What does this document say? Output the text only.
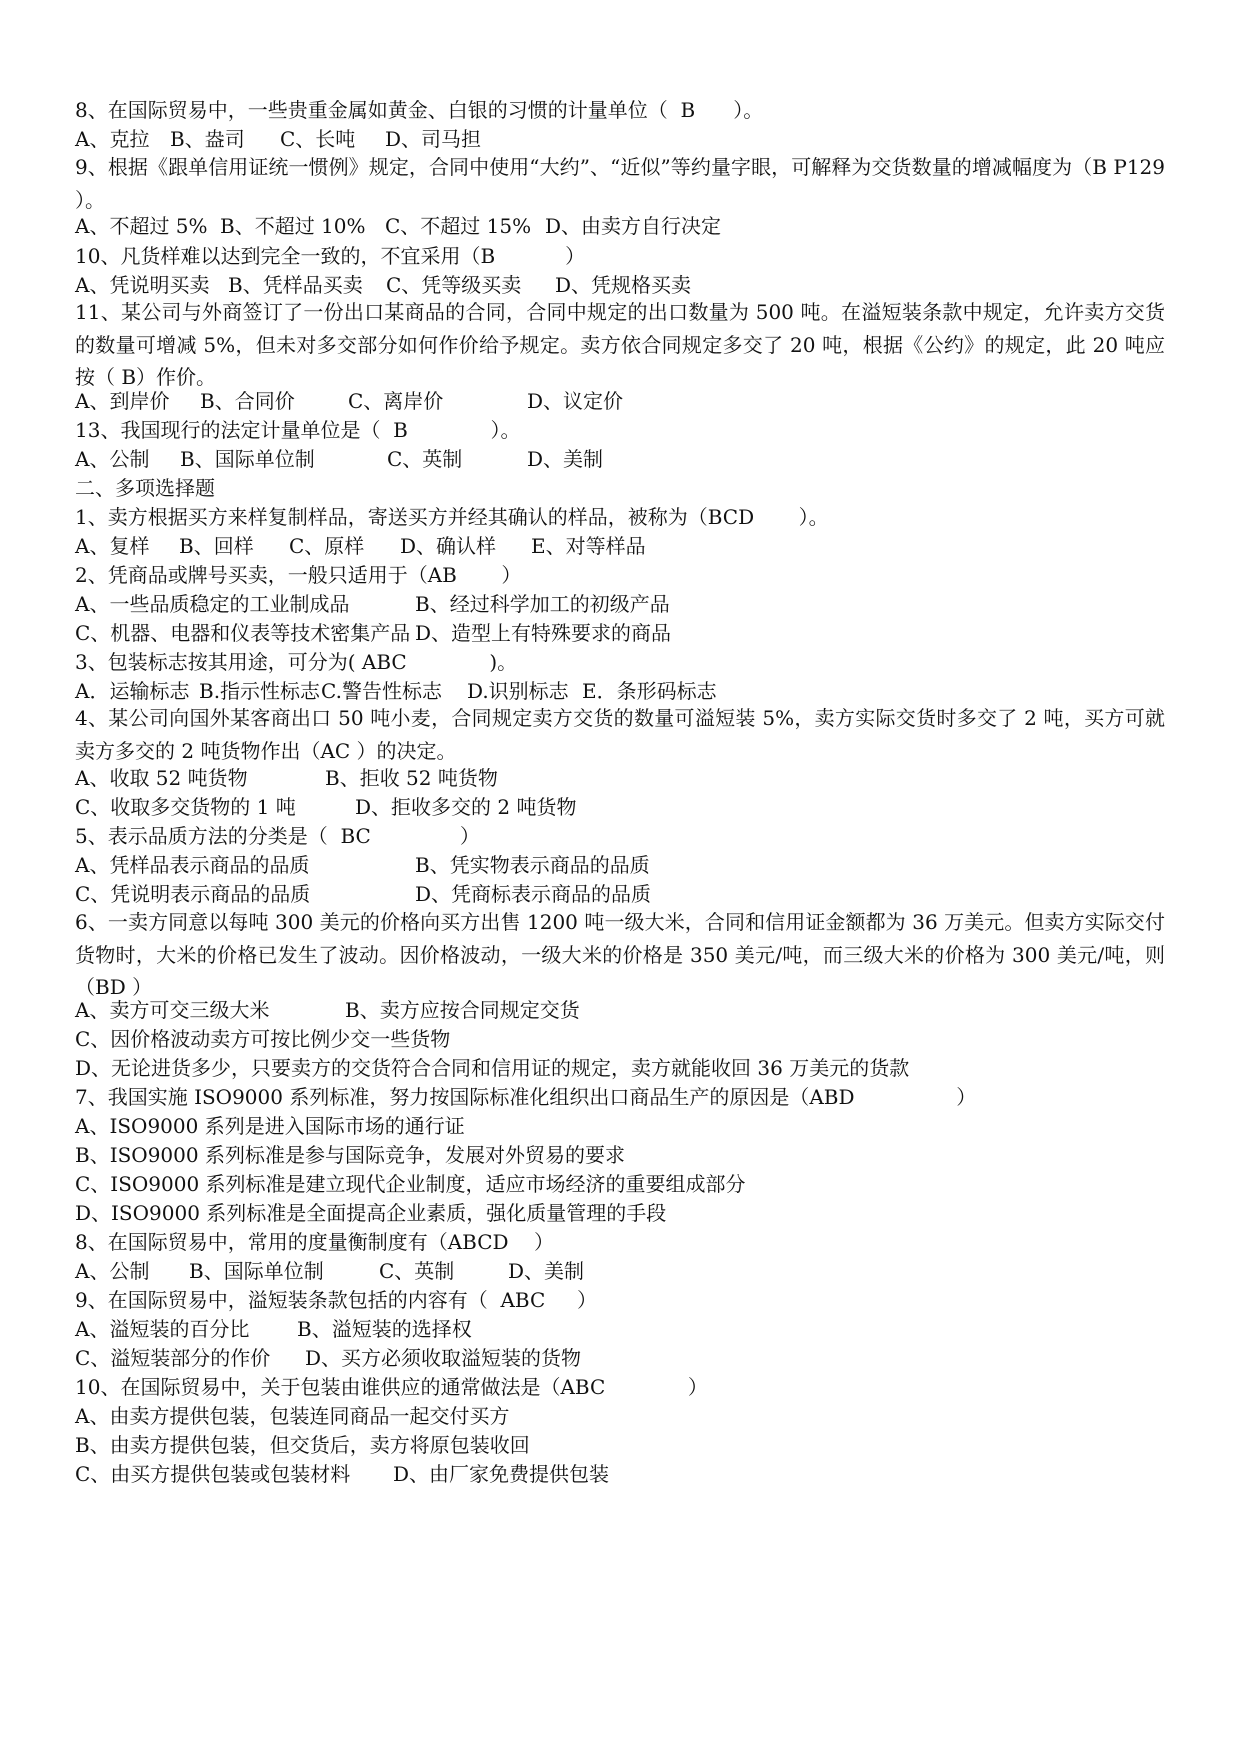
8、在国际贸易中，一些贵重金属如黄金、白银的习惯的计量单位（  B      ）。

A、克拉

B、盎司

C、长吨

D、司马担

9、根据《跟单信用证统一惯例》规定，合同中使用“大约”、“近似”等约量字眼，可解释为交货数量的增减幅度为（B P129 ）。

A、不超过 5%

B、不超过 10%

C、不超过 15%

D、由卖方自行决定

10、凡货样难以达到完全一致的，不宜采用（B           ）

A、凭说明买卖

B、凭样品买卖

C、凭等级买卖

D、凭规格买卖

11、某公司与外商签订了一份出口某商品的合同，合同中规定的出口数量为 500 吨。在溢短装条款中规定，允许卖方交货的数量可增减 5%，但未对多交部分如何作价给予规定。卖方依合同规定多交了 20 吨，根据《公约》的规定，此 20 吨应按（ B）作价。

A、到岸价

B、合同价

	C、离岸价

	D、议定价

13、我国现行的法定计量单位是（  B             ）。

A、公制

B、国际单位制

	C、英制

	D、美制

二、多项选择题
1、卖方根据买方来样复制样品，寄送买方并经其确认的样品，被称为（BCD       ）。

A、复样

B、回样

C、原样

D、确认样

E、对等样品

2、凭商品或牌号买卖，一般只适用于（AB       ）

A、一些品质稳定的工业制成品

	B、经过科学加工的初级产品

C、机器、电器和仪表等技术密集产品

D、造型上有特殊要求的商品

3、包装标志按其用途，可分为( ABC             )。

A．运输标志

B.指示性标志

C.警告性标志

D.识别标志

E．条形码标志

4、某公司向国外某客商出口 50 吨小麦，合同规定卖方交货的数量可溢短装 5%，卖方实际交货时多交了 2 吨，买方可就卖方多交的 2 吨货物作出（AC ）的决定。

A、收取 52 吨货物

	B、拒收 52 吨货物

C、收取多交货物的 1 吨

	D、拒收多交的 2 吨货物

5、表示品质方法的分类是（  BC              ）

A、凭样品表示商品的品质

	B、凭实物表示商品的品质

C、凭说明表示商品的品质

	D、凭商标表示商品的品质

6、一卖方同意以每吨 300 美元的价格向买方出售 1200 吨一级大米，合同和信用证金额都为 36 万美元。但卖方实际交付货物时，大米的价格已发生了波动。因价格波动，一级大米的价格是 350 美元/吨，而三级大米的价格为 300 美元/吨，则（BD ）

A、卖方可交三级大米

	B、卖方应按合同规定交货

C、因价格波动卖方可按比例少交一些货物
D、无论进货多少，只要卖方的交货符合合同和信用证的规定，卖方就能收回 36 万美元的货款
7、我国实施 ISO9000 系列标准，努力按国际标准化组织出口商品生产的原因是（ABD                ）
A、ISO9000 系列是进入国际市场的通行证
B、ISO9000 系列标准是参与国际竞争，发展对外贸易的要求
C、ISO9000 系列标准是建立现代企业制度，适应市场经济的重要组成部分
D、ISO9000 系列标准是全面提高企业素质，强化质量管理的手段
8、在国际贸易中，常用的度量衡制度有（ABCD    ）

A、公制

B、国际单位制

	C、英制

	D、美制

9、在国际贸易中，溢短装条款包括的内容有（  ABC     ）

A、溢短装的百分比

B、溢短装的选择权

C、溢短装部分的作价

D、买方必须收取溢短装的货物

10、在国际贸易中，关于包装由谁供应的通常做法是（ABC             ）
A、由卖方提供包装，包装连同商品一起交付买方
B、由卖方提供包装，但交货后，卖方将原包装收回

C、由买方提供包装或包装材料

D、由厂家免费提供包装
